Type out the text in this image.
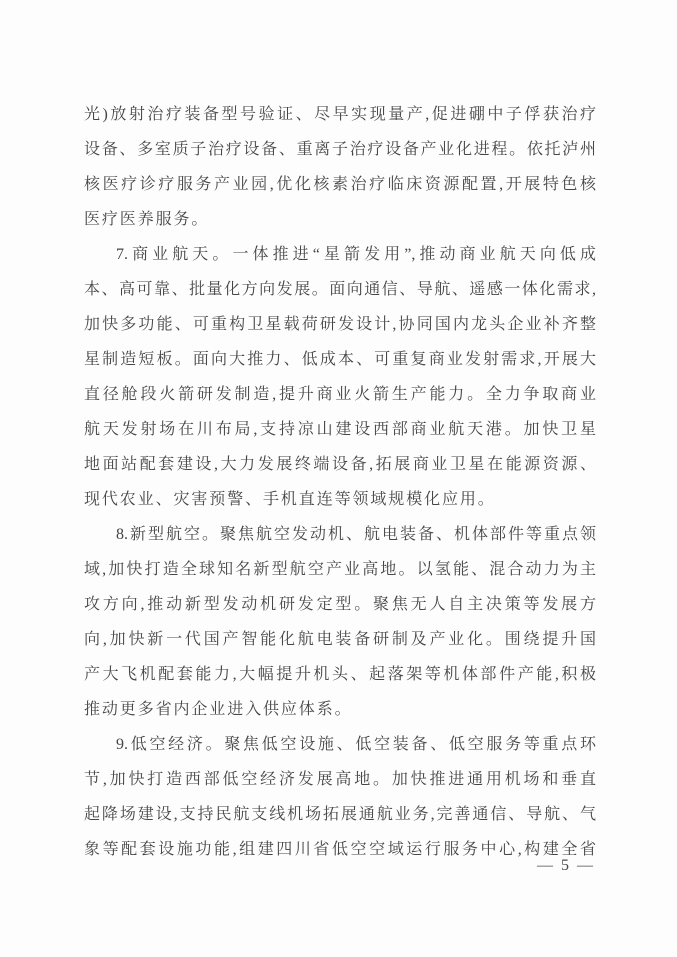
光)放射治疗装备型号验证、尽早实现量产,促进硼中子俘获治疗
设备、多室质子治疗设备、重离子治疗设备产业化进程。依托泸州
核医疗诊疗服务产业园,优化核素治疗临床资源配置,开展特色核
医疗医养服务。
7.商业航天。一体推进“星箭发用”,推动商业航天向低成
本、高可靠、批量化方向发展。面向通信、导航、遥感一体化需求,
加快多功能、可重构卫星载荷研发设计,协同国内龙头企业补齐整
星制造短板。面向大推力、低成本、可重复商业发射需求,开展大
直径舱段火箭研发制造,提升商业火箭生产能力。全力争取商业
航天发射场在川布局,支持凉山建设西部商业航天港。加快卫星
地面站配套建设,大力发展终端设备,拓展商业卫星在能源资源、
现代农业、灾害预警、手机直连等领域规模化应用。
8.新型航空。聚焦航空发动机、航电装备、机体部件等重点领
域,加快打造全球知名新型航空产业高地。以氢能、混合动力为主
攻方向,推动新型发动机研发定型。聚焦无人自主决策等发展方
向,加快新一代国产智能化航电装备研制及产业化。围绕提升国
产大飞机配套能力,大幅提升机头、起落架等机体部件产能,积极
推动更多省内企业进入供应体系。
9.低空经济。聚焦低空设施、低空装备、低空服务等重点环
节,加快打造西部低空经济发展高地。加快推进通用机场和垂直
起降场建设,支持民航支线机场拓展通航业务,完善通信、导航、气
象等配套设施功能,组建四川省低空空域运行服务中心,构建全省
— 5 —
